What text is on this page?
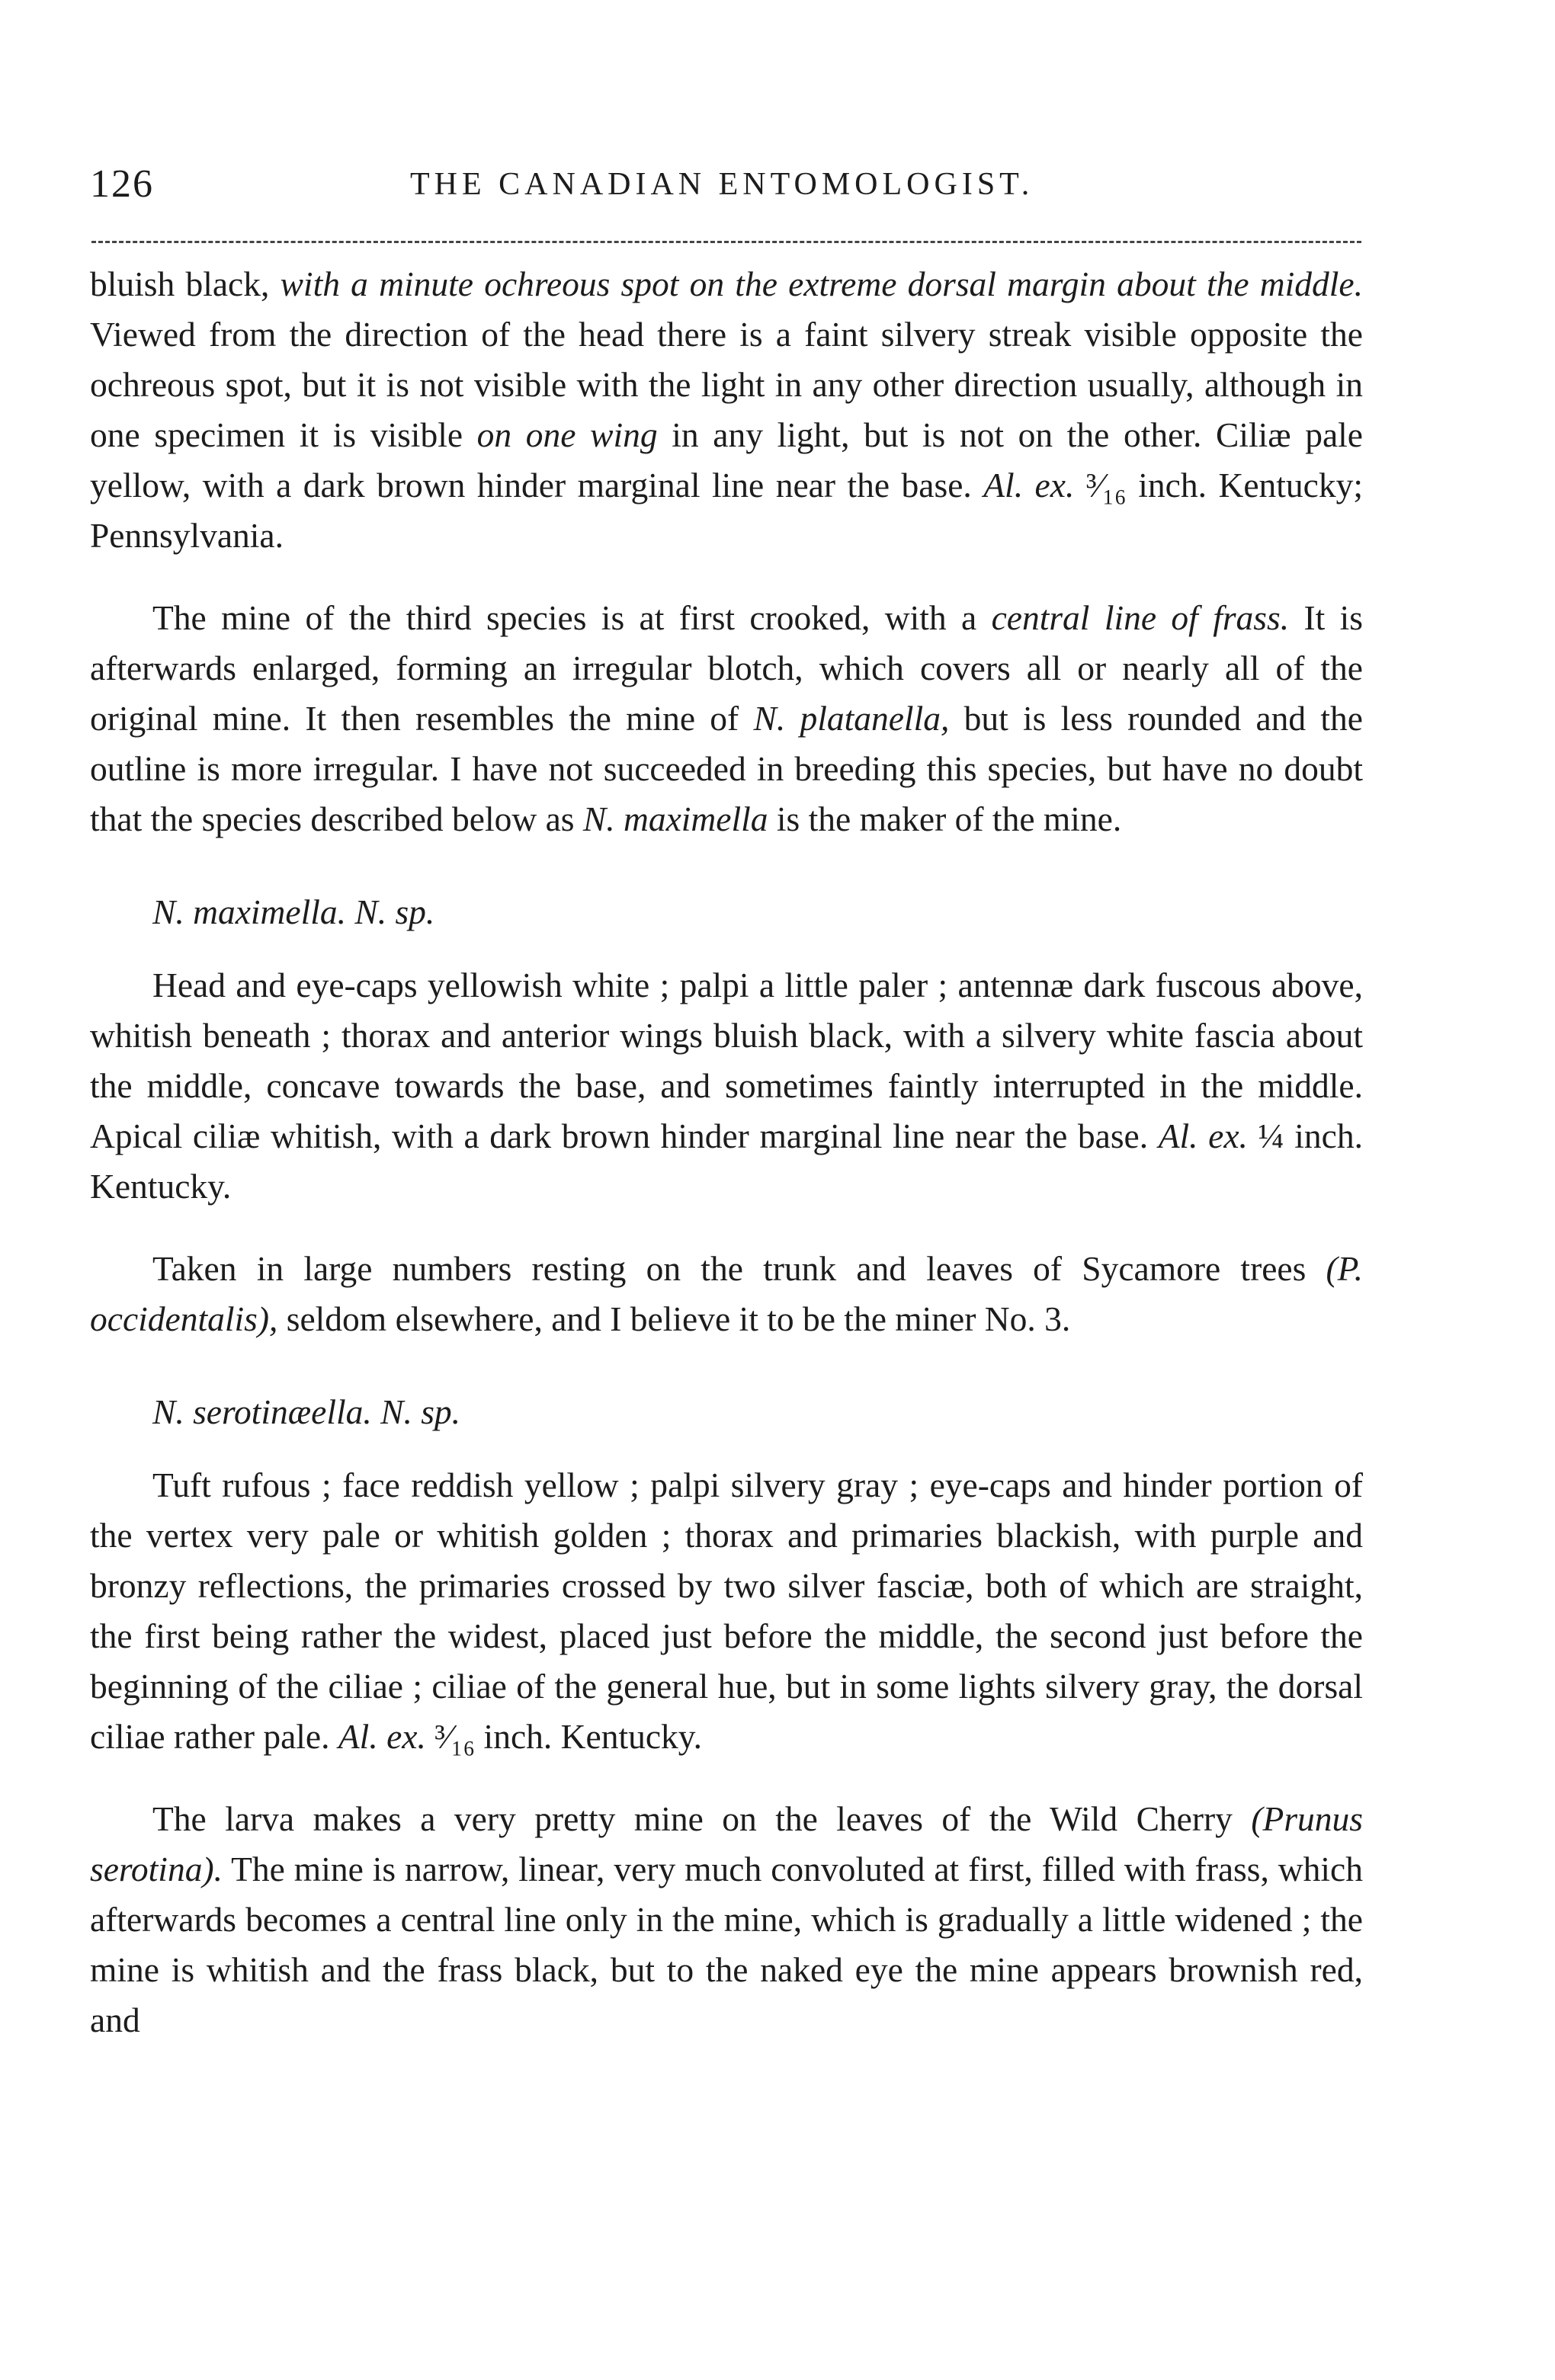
126	THE CANADIAN ENTOMOLOGIST.

bluish black, with a minute ochreous spot on the extreme dorsal margin about the middle. Viewed from the direction of the head there is a faint silvery streak visible opposite the ochreous spot, but it is not visible with the light in any other direction usually, although in one specimen it is visible on one wing in any light, but is not on the other. Ciliæ pale yellow, with a dark brown hinder marginal line near the base. Al. ex. ³⁄₁₆ inch. Kentucky; Pennsylvania.

The mine of the third species is at first crooked, with a central line of frass. It is afterwards enlarged, forming an irregular blotch, which covers all or nearly all of the original mine. It then resembles the mine of N. platanella, but is less rounded and the outline is more irregular. I have not succeeded in breeding this species, but have no doubt that the species described below as N. maximella is the maker of the mine.

N. maximella. N. sp.

Head and eye-caps yellowish white ; palpi a little paler ; antennæ dark fuscous above, whitish beneath ; thorax and anterior wings bluish black, with a silvery white fascia about the middle, concave towards the base, and sometimes faintly interrupted in the middle. Apical ciliæ whitish, with a dark brown hinder marginal line near the base. Al. ex. ¼ inch. Kentucky.

Taken in large numbers resting on the trunk and leaves of Sycamore trees (P. occidentalis), seldom elsewhere, and I believe it to be the miner No. 3.

N. serotinæella. N. sp.

Tuft rufous ; face reddish yellow ; palpi silvery gray ; eye-caps and hinder portion of the vertex very pale or whitish golden ; thorax and primaries blackish, with purple and bronzy reflections, the primaries crossed by two silver fasciæ, both of which are straight, the first being rather the widest, placed just before the middle, the second just before the beginning of the ciliae ; ciliae of the general hue, but in some lights silvery gray, the dorsal ciliae rather pale. Al. ex. ³⁄₁₆ inch. Kentucky.

The larva makes a very pretty mine on the leaves of the Wild Cherry (Prunus serotina). The mine is narrow, linear, very much convoluted at first, filled with frass, which afterwards becomes a central line only in the mine, which is gradually a little widened ; the mine is whitish and the frass black, but to the naked eye the mine appears brownish red, and
